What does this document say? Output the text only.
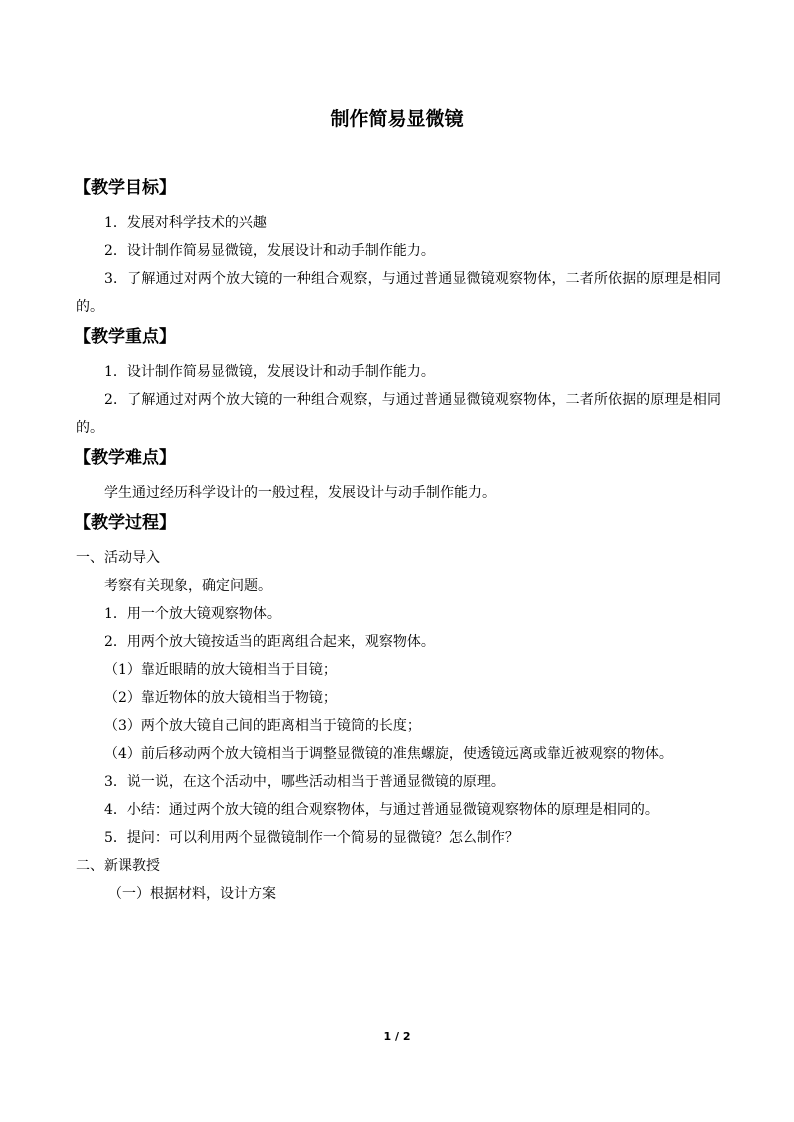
制作简易显微镜
【教学目标】

1．发展对科学技术的兴趣

2．设计制作简易显微镜，发展设计和动手制作能力。

3．了解通过对两个放大镜的一种组合观察，与通过普通显微镜观察物体，二者所依据的原理是相同的。

【教学重点】

1．设计制作简易显微镜，发展设计和动手制作能力。

2．了解通过对两个放大镜的一种组合观察，与通过普通显微镜观察物体，二者所依据的原理是相同的。

【教学难点】

学生通过经历科学设计的一般过程，发展设计与动手制作能力。

【教学过程】

一、活动导入

考察有关现象，确定问题。

1．用一个放大镜观察物体。

2．用两个放大镜按适当的距离组合起来，观察物体。

（1）靠近眼睛的放大镜相当于目镜；

（2）靠近物体的放大镜相当于物镜；

（3）两个放大镜自己间的距离相当于镜筒的长度；

（4）前后移动两个放大镜相当于调整显微镜的准焦螺旋，使透镜远离或靠近被观察的物体。

3．说一说，在这个活动中，哪些活动相当于普通显微镜的原理。

4．小结：通过两个放大镜的组合观察物体，与通过普通显微镜观察物体的原理是相同的。

5．提问：可以利用两个显微镜制作一个简易的显微镜？怎么制作？

二、新课教授

（一）根据材料，设计方案

1 / 2
